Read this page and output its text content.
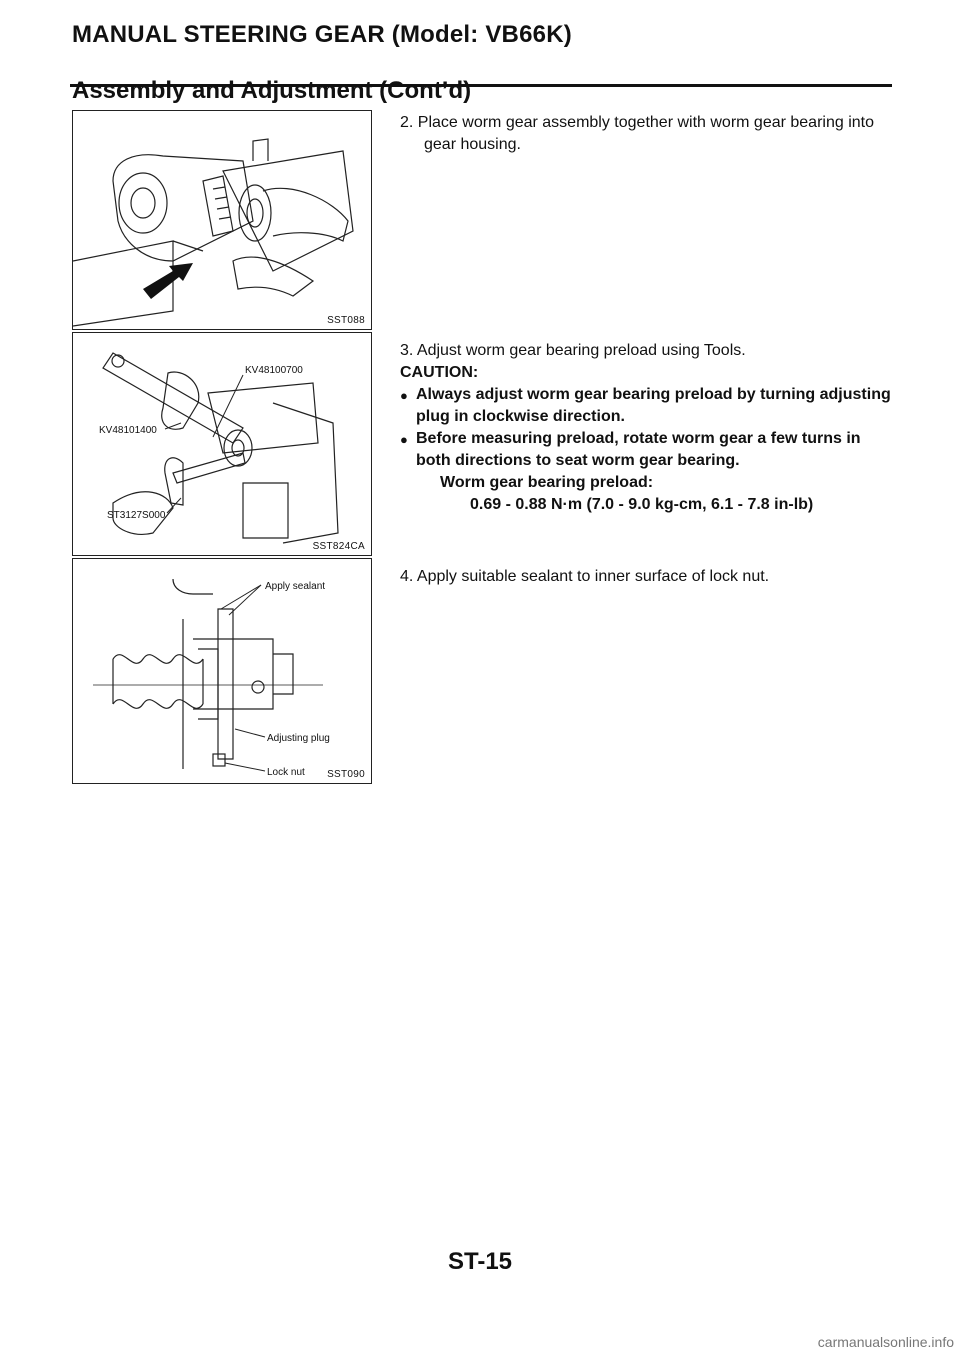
MANUAL STEERING GEAR (Model: VB66K)
Assembly and Adjustment (Cont’d)
SST088
KV48100700
KV48101400
ST3127S000
SST824CA
Apply sealant
Adjusting plug
Lock nut SST090

2. Place worm gear assembly together with worm gear bearing into gear housing.

3. Adjust worm gear bearing preload using Tools.

CAUTION:

● Always adjust worm gear bearing preload by turning adjusting plug in clockwise direction.
● Before measuring preload, rotate worm gear a few turns in both directions to seat worm gear bearing.

Worm gear bearing preload:

0.69 - 0.88 N·m (7.0 - 9.0 kg-cm, 6.1 - 7.8 in-lb)

4. Apply suitable sealant to inner surface of lock nut.

ST-15
carmanualsonline.info
